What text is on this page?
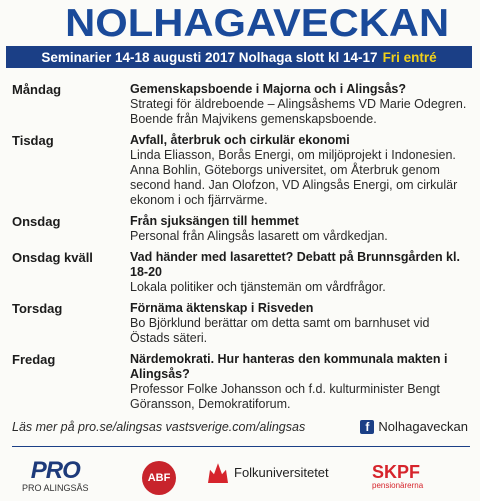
NOLHAGAVECKAN
Seminarier 14-18 augusti 2017 Nolhaga slott kl 14-17 Fri entré
Måndag	Gemenskapsboende i Majorna och i Alingsås?
Strategi för äldreboende – Alingsåshems VD Marie Odegren. Boende från Majvikens gemenskapsboende.
Tisdag	Avfall, återbruk och cirkulär ekonomi
Linda Eliasson, Borås Energi, om miljöprojekt i Indonesien. Anna Bohlin, Göteborgs universitet, om Återbruk genom second hand. Jan Olofzon, VD Alingsås Energi, om cirkulär ekonom i och fjärrvärme.
Onsdag	Från sjuksängen till hemmet
Personal från Alingsås lasarett om vårdkedjan.
Onsdag kväll	Vad händer med lasarettet? Debatt på Brunnsgården kl. 18-20
Lokala politiker och tjänstemän om vårdfrågor.
Torsdag	Förnäma äktenskap i Risveden
Bo Björklund berättar om detta samt om barnhuset vid Östads säteri.
Fredag	Närdemokrati. Hur hanteras den kommunala makten i Alingsås?
Professor Folke Johansson och f.d. kulturminister Bengt Göransson, Demokratiforum.
Läs mer på pro.se/alingsas vastsverige.com/alingsas	f Nolhagaveckan
PRO
PRO ALINGSÅS
ABF	Folkuniversitetet SKPF
pensionärerna
